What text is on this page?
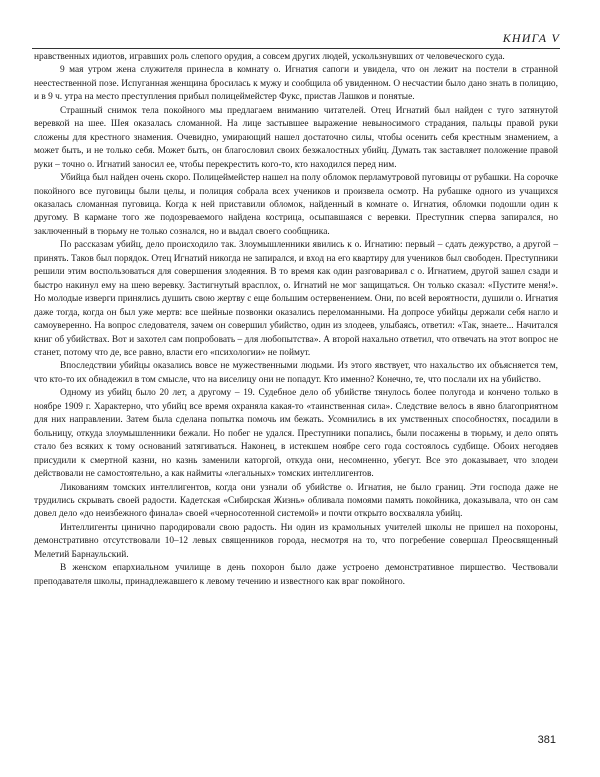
КНИГА V

нравственных идиотов, игравших роль слепого орудия, а совсем других людей, ускользнувших от человеческого суда.

9 мая утром жена служителя принесла в комнату о. Игнатия сапоги и увидела, что он лежит на постели в странной неестественной позе. Испуганная женщина бросилась к мужу и сообщила об увиденном. О несчастии было дано знать в полицию, и в 9 ч. утра на место преступления прибыл полицеймейстер Фукс, пристав Лашков и понятые.

Страшный снимок тела покойного мы предлагаем вниманию читателей. Отец Игнатий был найден с туго затянутой веревкой на шее. Шея оказалась сломанной. На лице застывшее выражение невыносимого страдания, пальцы правой руки сложены для крестного знамения. Очевидно, умирающий нашел достаточно силы, чтобы осенить себя крестным знамением, а может быть, и не только себя. Может быть, он благословил своих безжалостных убийц. Думать так заставляет положение правой руки – точно о. Игнатий заносил ее, чтобы перекрестить кого-то, кто находился перед ним.

Убийца был найден очень скоро. Полицеймейстер нашел на полу обломок перламутровой пуговицы от рубашки. На сорочке покойного все пуговицы были целы, и полиция собрала всех учеников и произвела осмотр. На рубашке одного из учащихся оказалась сломанная пуговица. Когда к ней приставили обломок, найденный в комнате о. Игнатия, обломки подошли один к другому. В кармане того же подозреваемого найдена кострица, осыпавшаяся с веревки. Преступник сперва запирался, но заключенный в тюрьму не только сознался, но и выдал своего сообщника.

По рассказам убийц, дело происходило так. Злоумышленники явились к о. Игнатию: первый – сдать дежурство, а другой – принять. Таков был порядок. Отец Игнатий никогда не запирался, и вход на его квартиру для учеников был свободен. Преступники решили этим воспользоваться для совершения злодеяния. В то время как один разговаривал с о. Игнатием, другой зашел сзади и быстро накинул ему на шею веревку. Застигнутый врасплох, о. Игнатий не мог защищаться. Он только сказал: «Пустите меня!». Но молодые изверги принялись душить свою жертву с еще большим остервенением. Они, по всей вероятности, душили о. Игнатия даже тогда, когда он был уже мертв: все шейные позвонки оказались переломанными. На допросе убийцы держали себя нагло и самоуверенно. На вопрос следователя, зачем он совершил убийство, один из злодеев, улыбаясь, ответил: «Так, знаете... Начитался книг об убийствах. Вот и захотел сам попробовать – для любопытства». А второй нахально ответил, что отвечать на этот вопрос не станет, потому что де, все равно, власти его «психологии» не поймут.

Впоследствии убийцы оказались вовсе не мужественными людьми. Из этого явствует, что нахальство их объясняется тем, что кто-то их обнадежил в том смысле, что на виселицу они не попадут. Кто именно? Конечно, те, что послали их на убийство.

Одному из убийц было 20 лет, а другому – 19. Судебное дело об убийстве тянулось более полугода и кончено только в ноябре 1909 г. Характерно, что убийц все время охраняла какая-то «таинственная сила». Следствие велось в явно благоприятном для них направлении. Затем была сделана попытка помочь им бежать. Усомнились в их умственных способностях, посадили в больницу, откуда злоумышленники бежали. Но побег не удался. Преступники попались, были посажены в тюрьму, и дело опять стало без всяких к тому оснований затягиваться. Наконец, в истекшем ноябре сего года состоялось судбище. Обоих негодяев присудили к смертной казни, но казнь заменили каторгой, откуда они, несомненно, убегут. Все это доказывает, что злодеи действовали не самостоятельно, а как наймиты «легальных» томских интеллигентов.

Ликованиям томских интеллигентов, когда они узнали об убийстве о. Игнатия, не было границ. Эти господа даже не трудились скрывать своей радости. Кадетская «Сибирская Жизнь» обливала помоями память покойника, доказывала, что он сам довел дело «до неизбежного финала» своей «черносотенной системой» и почти открыто восхваляла убийц.

Интеллигенты цинично пародировали свою радость. Ни один из крамольных учителей школы не пришел на похороны, демонстративно отсутствовали 10–12 левых священников города, несмотря на то, что погребение совершал Преосвященный Мелетий Барнаульский.

В женском епархиальном училище в день похорон было даже устроено демонстративное пиршество. Чествовали преподавателя школы, принадлежавшего к левому течению и известного как враг покойного.

381
